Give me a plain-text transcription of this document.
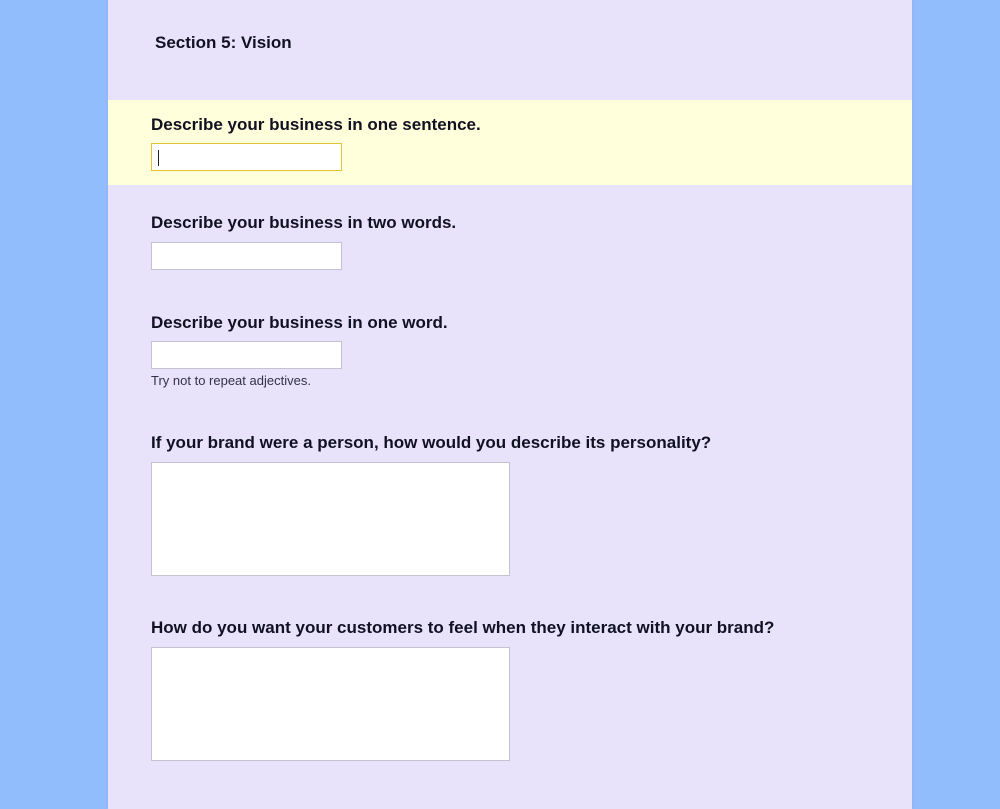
Section 5: Vision
Describe your business in one sentence.
Describe your business in two words.
Describe your business in one word.
Try not to repeat adjectives.
If your brand were a person, how would you describe its personality?
How do you want your customers to feel when they interact with your brand?
